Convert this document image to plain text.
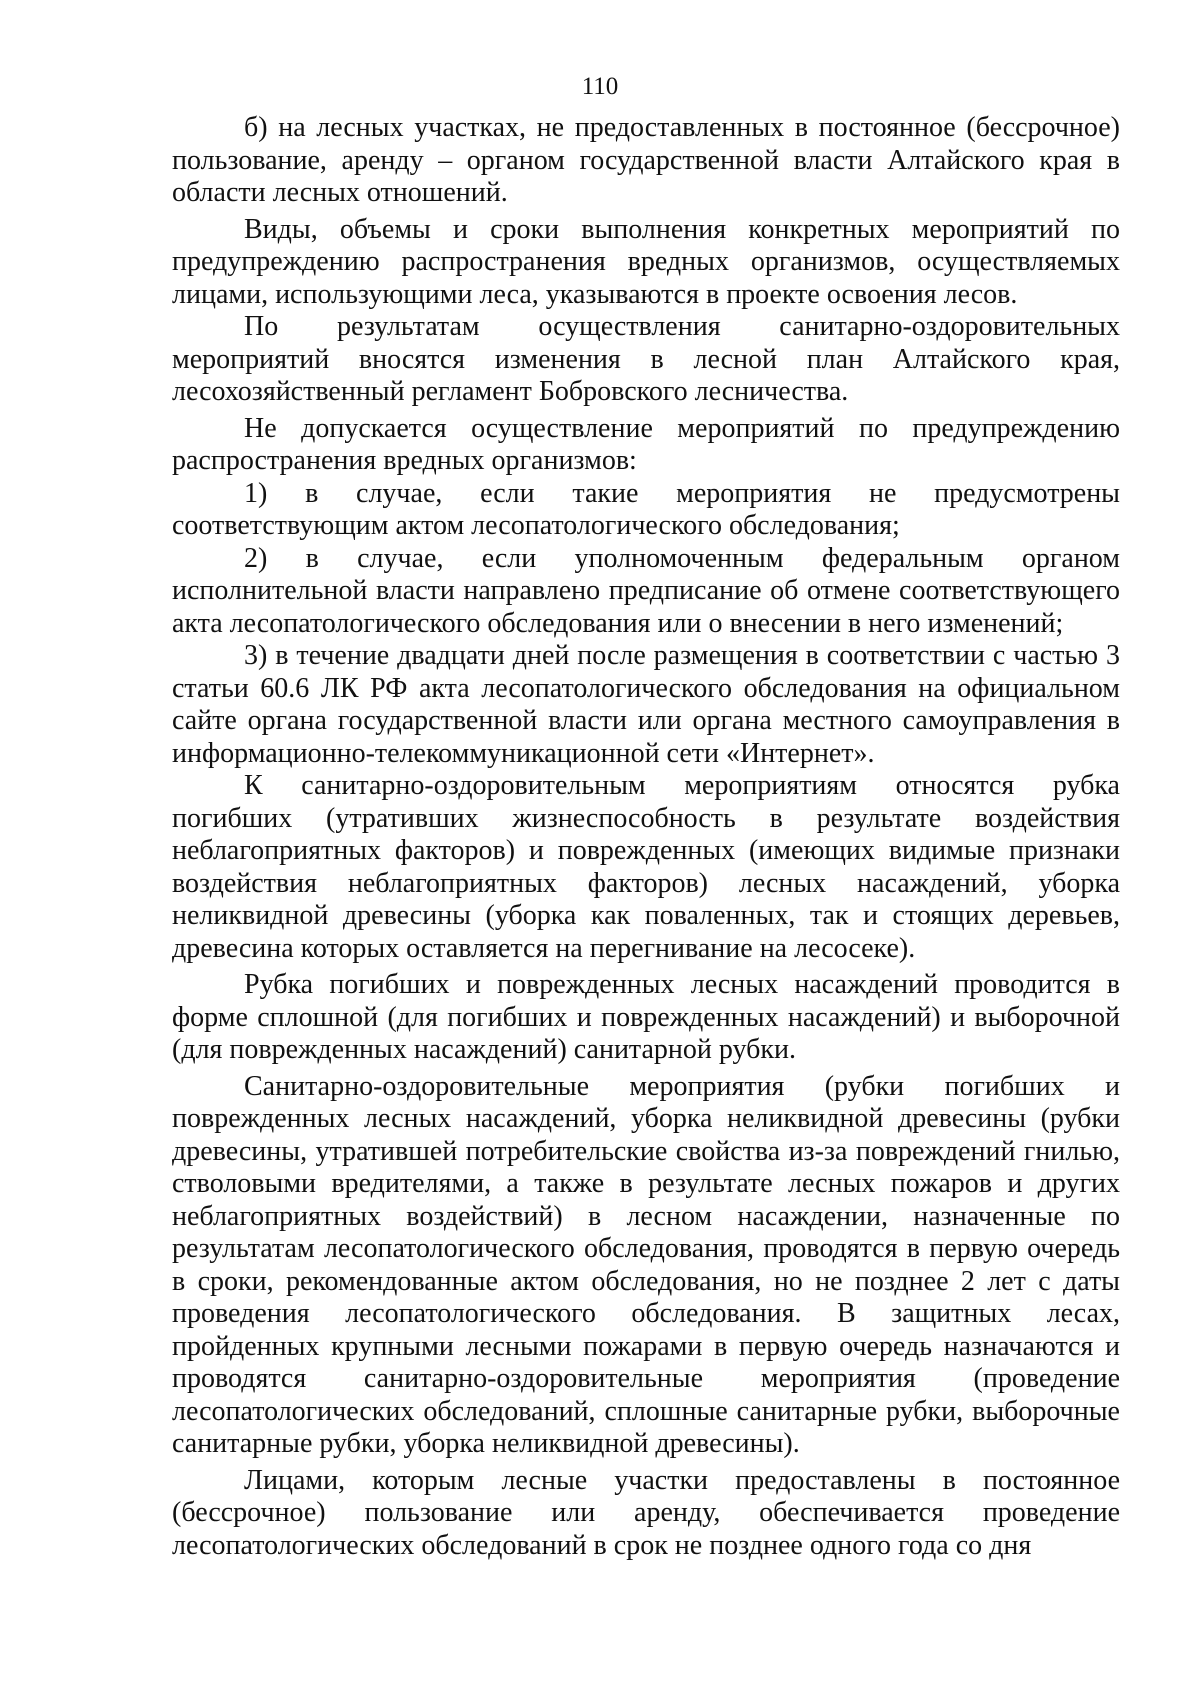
110

б) на лесных участках, не предоставленных в постоянное (бессрочное) пользование, аренду – органом государственной власти Алтайского края в области лесных отношений.

Виды, объемы и сроки выполнения конкретных мероприятий по предупреждению распространения вредных организмов, осуществляемых лицами, использующими леса, указываются в проекте освоения лесов.

По результатам осуществления санитарно-оздоровительных мероприятий вносятся изменения в лесной план Алтайского края, лесохозяйственный регламент Бобровского лесничества.

Не допускается осуществление мероприятий по предупреждению распространения вредных организмов:

1) в случае, если такие мероприятия не предусмотрены соответствующим актом лесопатологического обследования;

2) в случае, если уполномоченным федеральным органом исполнительной власти направлено предписание об отмене соответствующего акта лесопатологического обследования или о внесении в него изменений;

3) в течение двадцати дней после размещения в соответствии с частью 3 статьи 60.6 ЛК РФ акта лесопатологического обследования на официальном сайте органа государственной власти или органа местного самоуправления в информационно-телекоммуникационной сети «Интернет».

К санитарно-оздоровительным мероприятиям относятся рубка погибших (утративших жизнеспособность в результате воздействия неблагоприятных факторов) и поврежденных (имеющих видимые признаки воздействия неблагоприятных факторов) лесных насаждений, уборка неликвидной древесины (уборка как поваленных, так и стоящих деревьев, древесина которых оставляется на перегнивание на лесосеке).

Рубка погибших и поврежденных лесных насаждений проводится в форме сплошной (для погибших и поврежденных насаждений) и выборочной (для поврежденных насаждений) санитарной рубки.

Санитарно-оздоровительные мероприятия (рубки погибших и поврежденных лесных насаждений, уборка неликвидной древесины (рубки древесины, утратившей потребительские свойства из-за повреждений гнилью, стволовыми вредителями, а также в результате лесных пожаров и других неблагоприятных воздействий) в лесном насаждении, назначенные по результатам лесопатологического обследования, проводятся в первую очередь в сроки, рекомендованные актом обследования, но не позднее 2 лет с даты проведения лесопатологического обследования. В защитных лесах, пройденных крупными лесными пожарами в первую очередь назначаются и проводятся санитарно-оздоровительные мероприятия (проведение лесопатологических обследований, сплошные санитарные рубки, выборочные санитарные рубки, уборка неликвидной древесины).

Лицами, которым лесные участки предоставлены в постоянное (бессрочное) пользование или аренду, обеспечивается проведение лесопатологических обследований в срок не позднее одного года со дня
